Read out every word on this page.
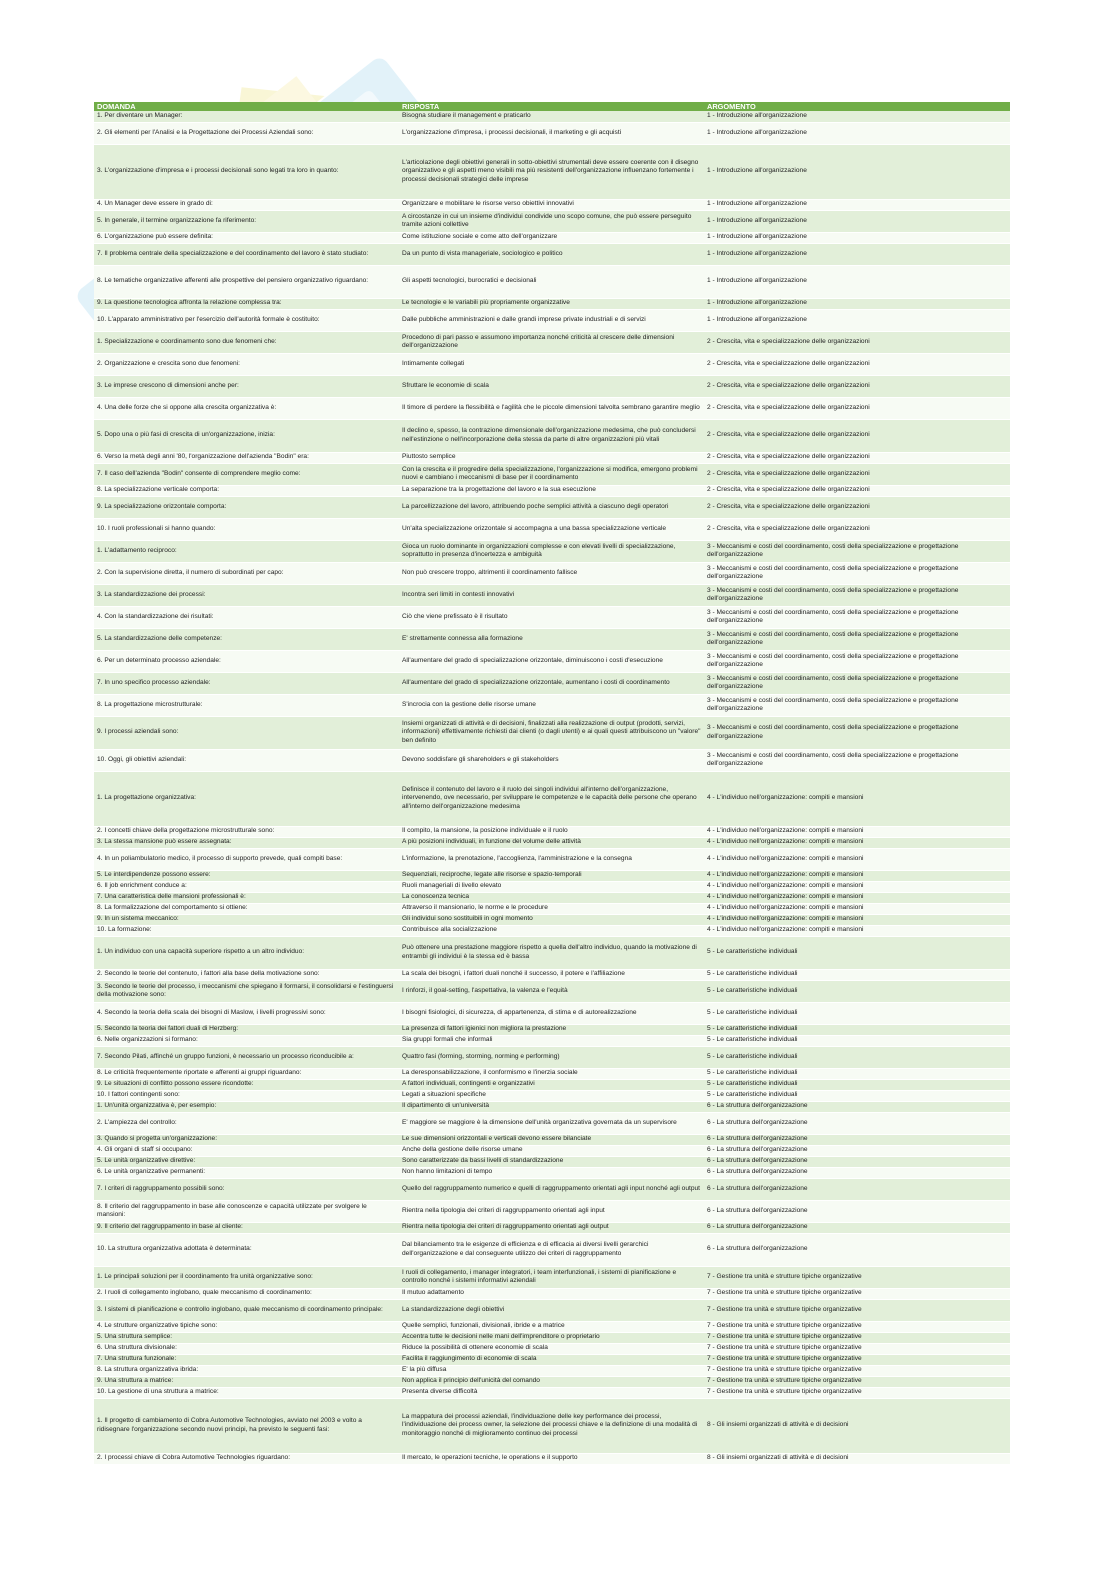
DOMANDA	RISPOSTA	ARGOMENTO
1. Per diventare un Manager:	Bisogna studiare il management e praticarlo	1 - Introduzione all'organizzazione
2. Gli elementi per l'Analisi e la Progettazione dei Processi Aziendali sono:	L'organizzazione d'impresa, i processi decisionali, il marketing e gli acquisti	1 - Introduzione all'organizzazione
3. L'organizzazione d'impresa e i processi decisionali sono legati tra loro in quanto:	L'articolazione degli obiettivi generali in sotto-obiettivi strumentali deve essere coerente con il disegno organizzativo e gli aspetti meno visibili ma più resistenti dell'organizzazione influenzano fortemente i processi decisionali strategici delle imprese	1 - Introduzione all'organizzazione
4. Un Manager deve essere in grado di:	Organizzare e mobilitare le risorse verso obiettivi innovativi	1 - Introduzione all'organizzazione
5. In generale, il termine organizzazione fa riferimento:	A circostanze in cui un insieme d'individui condivide uno scopo comune, che può essere perseguito tramite azioni collettive	1 - Introduzione all'organizzazione
6. L'organizzazione può essere definita:	Come istituzione sociale e come atto dell'organizzare	1 - Introduzione all'organizzazione
7. Il problema centrale della specializzazione e del coordinamento del lavoro è stato studiato:	Da un punto di vista manageriale, sociologico e politico	1 - Introduzione all'organizzazione
8. Le tematiche organizzative afferenti alle prospettive del pensiero organizzativo riguardano:	Gli aspetti tecnologici, burocratici e decisionali	1 - Introduzione all'organizzazione
9. La questione tecnologica affronta la relazione complessa tra:	Le tecnologie e le variabili più propriamente organizzative	1 - Introduzione all'organizzazione
10. L'apparato amministrativo per l'esercizio dell'autorità formale è costituito:	Dalle pubbliche amministrazioni e dalle grandi imprese private industriali e di servizi	1 - Introduzione all'organizzazione
1. Specializzazione e coordinamento sono due fenomeni che:	Procedono di pari passo e assumono importanza nonché criticità al crescere delle dimensioni dell'organizzazione	2 - Crescita, vita e specializzazione delle organizzazioni
2. Organizzazione e crescita sono due fenomeni:	Intimamente collegati	2 - Crescita, vita e specializzazione delle organizzazioni
3. Le imprese crescono di dimensioni anche per:	Sfruttare le economie di scala	2 - Crescita, vita e specializzazione delle organizzazioni
4. Una delle forze che si oppone alla crescita organizzativa è:	Il timore di perdere la flessibilità e l'agilità che le piccole dimensioni talvolta sembrano garantire meglio	2 - Crescita, vita e specializzazione delle organizzazioni
5. Dopo una o più fasi di crescita di un'organizzazione, inizia:	Il declino e, spesso, la contrazione dimensionale dell'organizzazione medesima, che può concludersi nell'estinzione o nell'incorporazione della stessa da parte di altre organizzazioni più vitali	2 - Crescita, vita e specializzazione delle organizzazioni
6. Verso la metà degli anni '80, l'organizzazione dell'azienda "Bodin" era:	Piuttosto semplice	2 - Crescita, vita e specializzazione delle organizzazioni
7. Il caso dell'azienda "Bodin" consente di comprendere meglio come:	Con la crescita e il progredire della specializzazione, l'organizzazione si modifica, emergono problemi nuovi e cambiano i meccanismi di base per il coordinamento	2 - Crescita, vita e specializzazione delle organizzazioni
8. La specializzazione verticale comporta:	La separazione tra la progettazione del lavoro e la sua esecuzione	2 - Crescita, vita e specializzazione delle organizzazioni
9. La specializzazione orizzontale comporta:	La parcellizzazione del lavoro, attribuendo poche semplici attività a ciascuno degli operatori	2 - Crescita, vita e specializzazione delle organizzazioni
10. I ruoli professionali si hanno quando:	Un'alta specializzazione orizzontale si accompagna a una bassa specializzazione verticale	2 - Crescita, vita e specializzazione delle organizzazioni
1. L'adattamento reciproco:	Gioca un ruolo dominante in organizzazioni complesse e con elevati livelli di specializzazione, soprattutto in presenza d'incertezza e ambiguità	3 - Meccanismi e costi del coordinamento, costi della specializzazione e progettazione dell'organizzazione
2. Con la supervisione diretta, il numero di subordinati per capo:	Non può crescere troppo, altrimenti il coordinamento fallisce	3 - Meccanismi e costi del coordinamento, costi della specializzazione e progettazione dell'organizzazione
3. La standardizzazione dei processi:	Incontra seri limiti in contesti innovativi	3 - Meccanismi e costi del coordinamento, costi della specializzazione e progettazione dell'organizzazione
4. Con la standardizzazione dei risultati:	Ciò che viene prefissato è il risultato	3 - Meccanismi e costi del coordinamento, costi della specializzazione e progettazione dell'organizzazione
5. La standardizzazione delle competenze:	E' strettamente connessa alla formazione	3 - Meccanismi e costi del coordinamento, costi della specializzazione e progettazione dell'organizzazione
6. Per un determinato processo aziendale:	All'aumentare del grado di specializzazione orizzontale, diminuiscono i costi d'esecuzione	3 - Meccanismi e costi del coordinamento, costi della specializzazione e progettazione dell'organizzazione
7. In uno specifico processo aziendale:	All'aumentare del grado di specializzazione orizzontale, aumentano i costi di coordinamento	3 - Meccanismi e costi del coordinamento, costi della specializzazione e progettazione dell'organizzazione
8. La progettazione microstrutturale:	S'incrocia con la gestione delle risorse umane	3 - Meccanismi e costi del coordinamento, costi della specializzazione e progettazione dell'organizzazione
9. I processi aziendali sono:	Insiemi organizzati di attività e di decisioni, finalizzati alla realizzazione di output (prodotti, servizi, informazioni) effettivamente richiesti dai clienti (o dagli utenti) e ai quali questi attribuiscono un "valore" ben definito	3 - Meccanismi e costi del coordinamento, costi della specializzazione e progettazione dell'organizzazione
10. Oggi, gli obiettivi aziendali:	Devono soddisfare gli shareholders e gli stakeholders	3 - Meccanismi e costi del coordinamento, costi della specializzazione e progettazione dell'organizzazione
1. La progettazione organizzativa:	Definisce il contenuto del lavoro e il ruolo dei singoli individui all'interno dell'organizzazione, intervenendo, ove necessario, per sviluppare le competenze e le capacità delle persone che operano all'interno dell'organizzazione medesima	4 - L'individuo nell'organizzazione: compiti e mansioni
2. I concetti chiave della progettazione microstrutturale sono:	Il compito, la mansione, la posizione individuale e il ruolo	4 - L'individuo nell'organizzazione: compiti e mansioni
3. La stessa mansione può essere assegnata:	A più posizioni individuali, in funzione del volume delle attività	4 - L'individuo nell'organizzazione: compiti e mansioni
4. In un poliambulatorio medico, il processo di supporto prevede, quali compiti base:	L'informazione, la prenotazione, l'accoglienza, l'amministrazione e la consegna	4 - L'individuo nell'organizzazione: compiti e mansioni
5. Le interdipendenze possono essere:	Sequenziali, reciproche, legate alle risorse e spazio-temporali	4 - L'individuo nell'organizzazione: compiti e mansioni
6. Il job enrichment conduce a:	Ruoli manageriali di livello elevato	4 - L'individuo nell'organizzazione: compiti e mansioni
7. Una caratteristica delle mansioni professionali è:	La conoscenza tecnica	4 - L'individuo nell'organizzazione: compiti e mansioni
8. La formalizzazione del comportamento si ottiene:	Attraverso il mansionario, le norme e le procedure	4 - L'individuo nell'organizzazione: compiti e mansioni
9. In un sistema meccanico:	Gli individui sono sostituibili in ogni momento	4 - L'individuo nell'organizzazione: compiti e mansioni
10. La formazione:	Contribuisce alla socializzazione	4 - L'individuo nell'organizzazione: compiti e mansioni
1. Un individuo con una capacità superiore rispetto a un altro individuo:	Può ottenere una prestazione maggiore rispetto a quella dell'altro individuo, quando la motivazione di entrambi gli individui è la stessa ed è bassa	5 - Le caratteristiche individuali
2. Secondo le teorie del contenuto, i fattori alla base della motivazione sono:	La scala dei bisogni, i fattori duali nonché il successo, il potere e l'affiliazione	5 - Le caratteristiche individuali
3. Secondo le teorie del processo, i meccanismi che spiegano il formarsi, il consolidarsi e l'estinguersi della motivazione sono:	I rinforzi, il goal-setting, l'aspettativa, la valenza e l'equità	5 - Le caratteristiche individuali
4. Secondo la teoria della scala dei bisogni di Maslow, i livelli progressivi sono:	I bisogni fisiologici, di sicurezza, di appartenenza, di stima e di autorealizzazione	5 - Le caratteristiche individuali
5. Secondo la teoria dei fattori duali di Herzberg:	La presenza di fattori igienici non migliora la prestazione	5 - Le caratteristiche individuali
6. Nelle organizzazioni si formano:	Sia gruppi formali che informali	5 - Le caratteristiche individuali
7. Secondo Pilati, affinché un gruppo funzioni, è necessario un processo riconducibile a:	Quattro fasi (forming, storming, norming e performing)	5 - Le caratteristiche individuali
8. Le criticità frequentemente riportate e afferenti ai gruppi riguardano:	La deresponsabilizzazione, il conformismo e l'inerzia sociale	5 - Le caratteristiche individuali
9. Le situazioni di conflitto possono essere ricondotte:	A fattori individuali, contingenti e organizzativi	5 - Le caratteristiche individuali
10. I fattori contingenti sono:	Legati a situazioni specifiche	5 - Le caratteristiche individuali
1. Un'unità organizzativa è, per esempio:	Il dipartimento di un'università	6 - La struttura dell'organizzazione
2. L'ampiezza del controllo:	E' maggiore se maggiore è la dimensione dell'unità organizzativa governata da un supervisore	6 - La struttura dell'organizzazione
3. Quando si progetta un'organizzazione:	Le sue dimensioni orizzontali e verticali devono essere bilanciate	6 - La struttura dell'organizzazione
4. Gli organi di staff si occupano:	Anche della gestione delle risorse umane	6 - La struttura dell'organizzazione
5. Le unità organizzative direttive:	Sono caratterizzate da bassi livelli di standardizzazione	6 - La struttura dell'organizzazione
6. Le unità organizzative permanenti:	Non hanno limitazioni di tempo	6 - La struttura dell'organizzazione
7. I criteri di raggruppamento possibili sono:	Quello del raggruppamento numerico e quelli di raggruppamento orientati agli input nonché agli output	6 - La struttura dell'organizzazione
8. Il criterio del raggruppamento in base alle conoscenze e capacità utilizzate per svolgere le mansioni:	Rientra nella tipologia dei criteri di raggruppamento orientati agli input	6 - La struttura dell'organizzazione
9. Il criterio del raggruppamento in base al cliente:	Rientra nella tipologia dei criteri di raggruppamento orientati agli output	6 - La struttura dell'organizzazione
10. La struttura organizzativa adottata è determinata:	Dal bilanciamento tra le esigenze di efficienza e di efficacia ai diversi livelli gerarchici dell'organizzazione e dal conseguente utilizzo dei criteri di raggruppamento	6 - La struttura dell'organizzazione
1. Le principali soluzioni per il coordinamento fra unità organizzative sono:	I ruoli di collegamento, i manager integratori, i team interfunzionali, i sistemi di pianificazione e controllo nonché i sistemi informativi aziendali	7 - Gestione tra unità e strutture tipiche organizzative
2. I ruoli di collegamento inglobano, quale meccanismo di coordinamento:	Il mutuo adattamento	7 - Gestione tra unità e strutture tipiche organizzative
3. I sistemi di pianificazione e controllo inglobano, quale meccanismo di coordinamento principale:	La standardizzazione degli obiettivi	7 - Gestione tra unità e strutture tipiche organizzative
4. Le strutture organizzative tipiche sono:	Quelle semplici, funzionali, divisionali, ibride e a matrice	7 - Gestione tra unità e strutture tipiche organizzative
5. Una struttura semplice:	Accentra tutte le decisioni nelle mani dell'imprenditore o proprietario	7 - Gestione tra unità e strutture tipiche organizzative
6. Una struttura divisionale:	Riduce la possibilità di ottenere economie di scala	7 - Gestione tra unità e strutture tipiche organizzative
7. Una struttura funzionale:	Facilita il raggiungimento di economie di scala	7 - Gestione tra unità e strutture tipiche organizzative
8. La struttura organizzativa ibrida:	E' la più diffusa	7 - Gestione tra unità e strutture tipiche organizzative
9. Una struttura a matrice:	Non applica il principio dell'unicità del comando	7 - Gestione tra unità e strutture tipiche organizzative
10. La gestione di una struttura a matrice:	Presenta diverse difficoltà	7 - Gestione tra unità e strutture tipiche organizzative
1. Il progetto di cambiamento di Cobra Automotive Technologies, avviato nel 2003 e volto a ridisegnare l'organizzazione secondo nuovi principi, ha previsto le seguenti fasi:	La mappatura dei processi aziendali, l'individuazione delle key performance dei processi, l'individuazione dei process owner, la selezione dei processi chiave e la definizione di una modalità di monitoraggio nonché di miglioramento continuo dei processi	8 - Gli insiemi organizzati di attività e di decisioni
2. I processi chiave di Cobra Automotive Technologies riguardano:	Il mercato, le operazioni tecniche, le operations e il supporto	8 - Gli insiemi organizzati di attività e di decisioni
